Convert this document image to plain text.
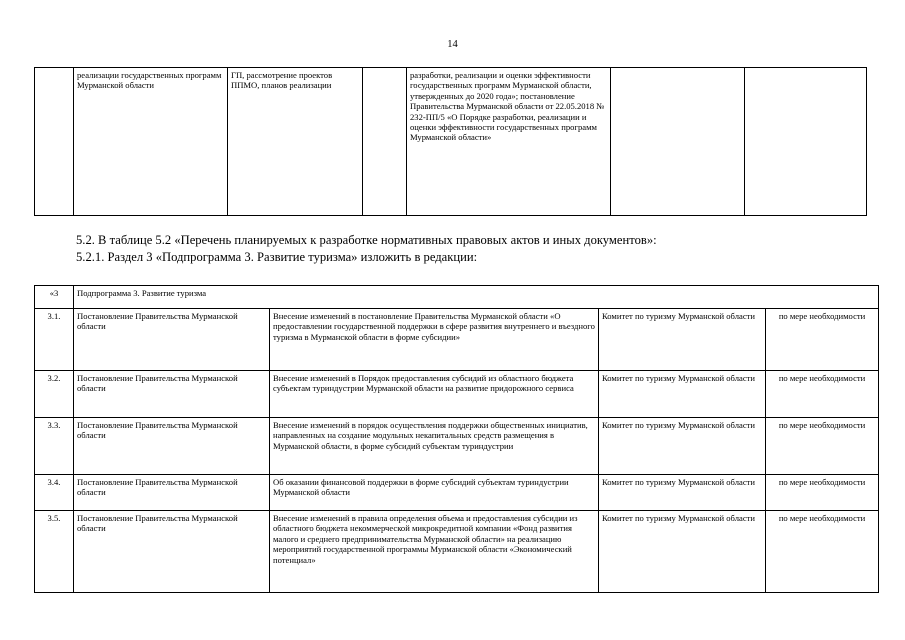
14
	реализации государственных программ Мурманской области	ГП, рассмотрение проектов ППМО, планов реализации		разработки, реализации и оценки эффективности государственных программ Мурманской области, утвержденных до 2020 года»; постановление Правительства Мурманской области от 22.05.2018 № 232-ПП/5 «О Порядке разработки, реализации и оценки эффективности государственных программ Мурманской области»		
5.2. В таблице 5.2 «Перечень планируемых к разработке нормативных правовых актов и иных документов»:
5.2.1. Раздел 3 «Подпрограмма 3. Развитие туризма» изложить в редакции:
«3	Подпрограмма 3. Развитие туризма			
3.1.	Постановление Правительства Мурманской области	Внесение изменений в постановление Правительства Мурманской области «О предоставлении государственной поддержки в сфере развития внутреннего и въездного туризма в Мурманской области в форме субсидии»	Комитет по туризму Мурманской области	по мере необходимости
3.2.	Постановление Правительства Мурманской области	Внесение изменений в Порядок предоставления субсидий из областного бюджета субъектам туриндустрии Мурманской области на развитие придорожного сервиса	Комитет по туризму Мурманской области	по мере необходимости
3.3.	Постановление Правительства Мурманской области	Внесение изменений в порядок осуществления поддержки общественных инициатив, направленных на создание модульных некапитальных средств размещения в Мурманской области, в форме субсидий субъектам туриндустрии	Комитет по туризму Мурманской области	по мере необходимости
3.4.	Постановление Правительства Мурманской области	Об оказании финансовой поддержки в форме субсидий субъектам туриндустрии Мурманской области	Комитет по туризму Мурманской области	по мере необходимости
3.5.	Постановление Правительства Мурманской области	Внесение изменений в правила определения объема и предоставления субсидии из областного бюджета некоммерческой микрокредитной компании «Фонд развития малого и среднего предпринимательства Мурманской области» на реализацию мероприятий государственной программы Мурманской области «Экономический потенциал»	Комитет по туризму Мурманской области	по мере необходимости
